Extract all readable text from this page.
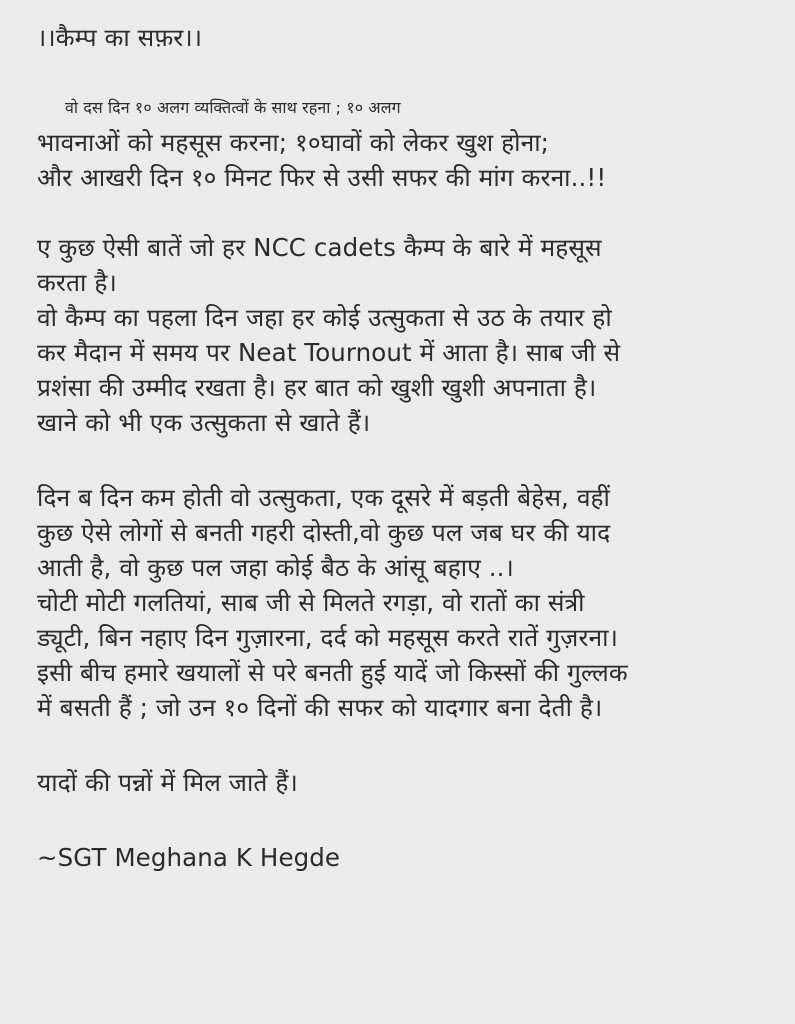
।।कैम्प का सफ़र।।
वो दस दिन १० अलग व्यक्तित्वों के साथ रहना ; १० अलग
भावनाओं को महसूस करना; १०घावों को लेकर खुश होना;
और आखरी दिन १० मिनट फिर से उसी सफर की मांग करना..!!
ए कुछ ऐसी बातें जो हर NCC cadets कैम्प के बारे में महसूस
करता है।
वो कैम्प का पहला दिन जहा हर कोई उत्सुकता से उठ के तयार हो
कर मैदान में समय पर Neat Tournout में आता है। साब जी से
प्रशंसा की उम्मीद रखता है। हर बात को खुशी खुशी अपनाता है।
खाने को भी एक उत्सुकता से खाते हैं।
दिन ब दिन कम होती वो उत्सुकता, एक दूसरे में बड़ती बेहेस, वहीं
कुछ ऐसे लोगों से बनती गहरी दोस्ती,वो कुछ पल जब घर की याद
आती है, वो कुछ पल जहा कोई बैठ के आंसू बहाए ..।
चोटी मोटी गलतियां, साब जी से मिलते रगड़ा, वो रातों का संत्री
ड्यूटी, बिन नहाए दिन गुज़ारना, दर्द को महसूस करते रातें गुज़रना।
इसी बीच हमारे खयालों से परे बनती हुई यादें जो किस्सों की गुल्लक
में बसती हैं ; जो उन १० दिनों की सफर को यादगार बना देती है।
यादों की पन्नों में मिल जाते हैं।
~SGT Meghana K Hegde
